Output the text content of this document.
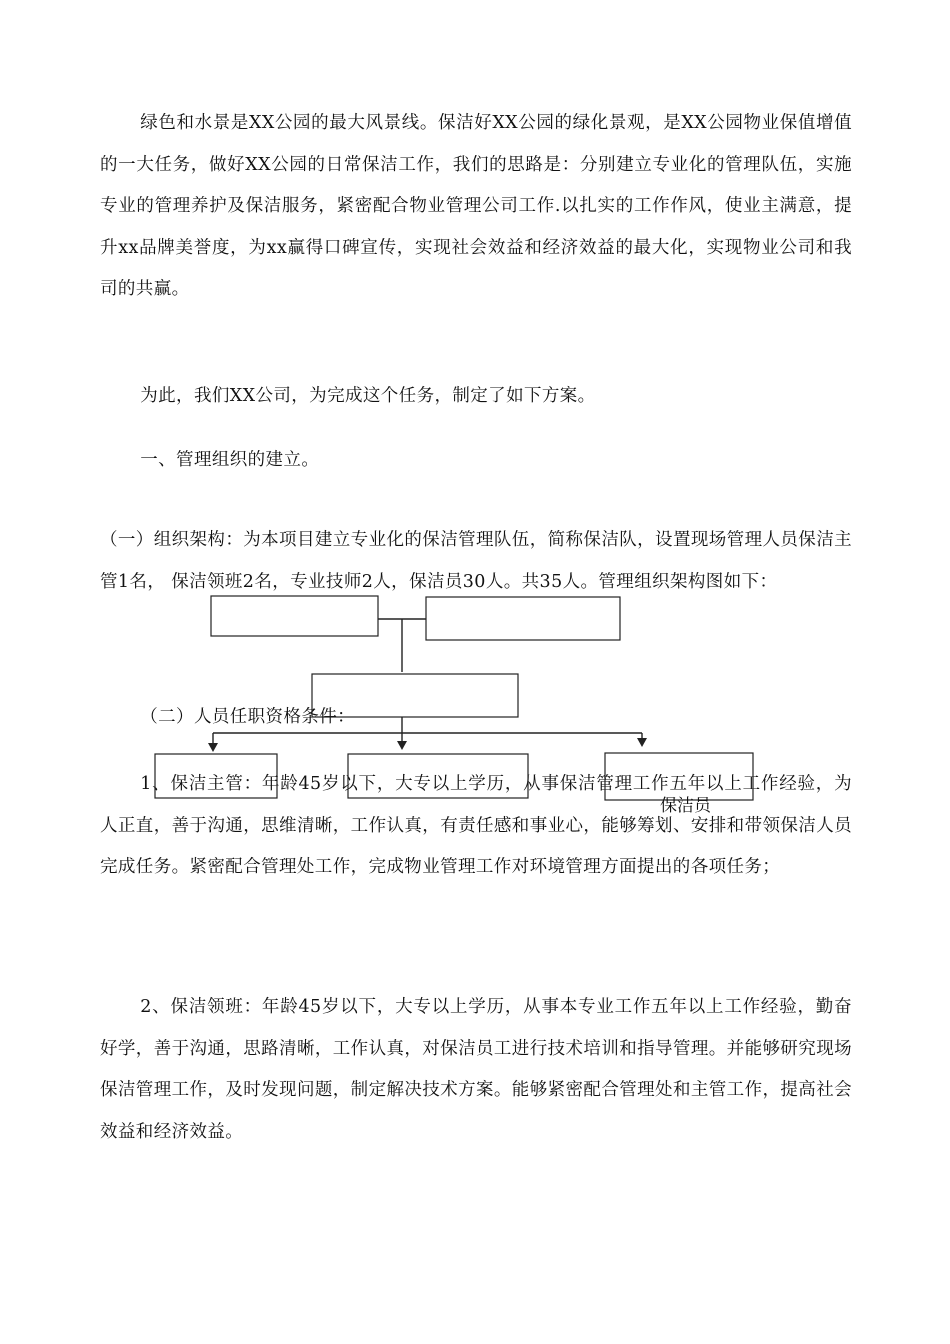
绿色和水景是XX公园的最大风景线。保洁好XX公园的绿化景观，是XX公园物业保值增值的一大任务，做好XX公园的日常保洁工作，我们的思路是：分别建立专业化的管理队伍，实施专业的管理养护及保洁服务，紧密配合物业管理公司工作.以扎实的工作作风，使业主满意，提升xx品牌美誉度，为xx赢得口碑宣传，实现社会效益和经济效益的最大化，实现物业公司和我司的共赢。

为此，我们XX公司，为完成这个任务，制定了如下方案。

一、管理组织的建立。

（一）组织架构：为本项目建立专业化的保洁管理队伍，简称保洁队，设置现场管理人员保洁主管1名， 保洁领班2名，专业技师2人，保洁员30人。共35人。管理组织架构图如下：

（二）人员任职资格条件：

1、保洁主管：年龄45岁以下，大专以上学历，从事保洁管理工作五年以上工作经验，为人正直，善于沟通，思维清晰，工作认真，有责任感和事业心，能够筹划、安排和带领保洁人员完成任务。紧密配合管理处工作，完成物业管理工作对环境管理方面提出的各项任务；

2、保洁领班：年龄45岁以下，大专以上学历，从事本专业工作五年以上工作经验，勤奋好学，善于沟通，思路清晰，工作认真，对保洁员工进行技术培训和指导管理。并能够研究现场保洁管理工作，及时发现问题，制定解决技术方案。能够紧密配合管理处和主管工作，提高社会效益和经济效益。

保洁员
